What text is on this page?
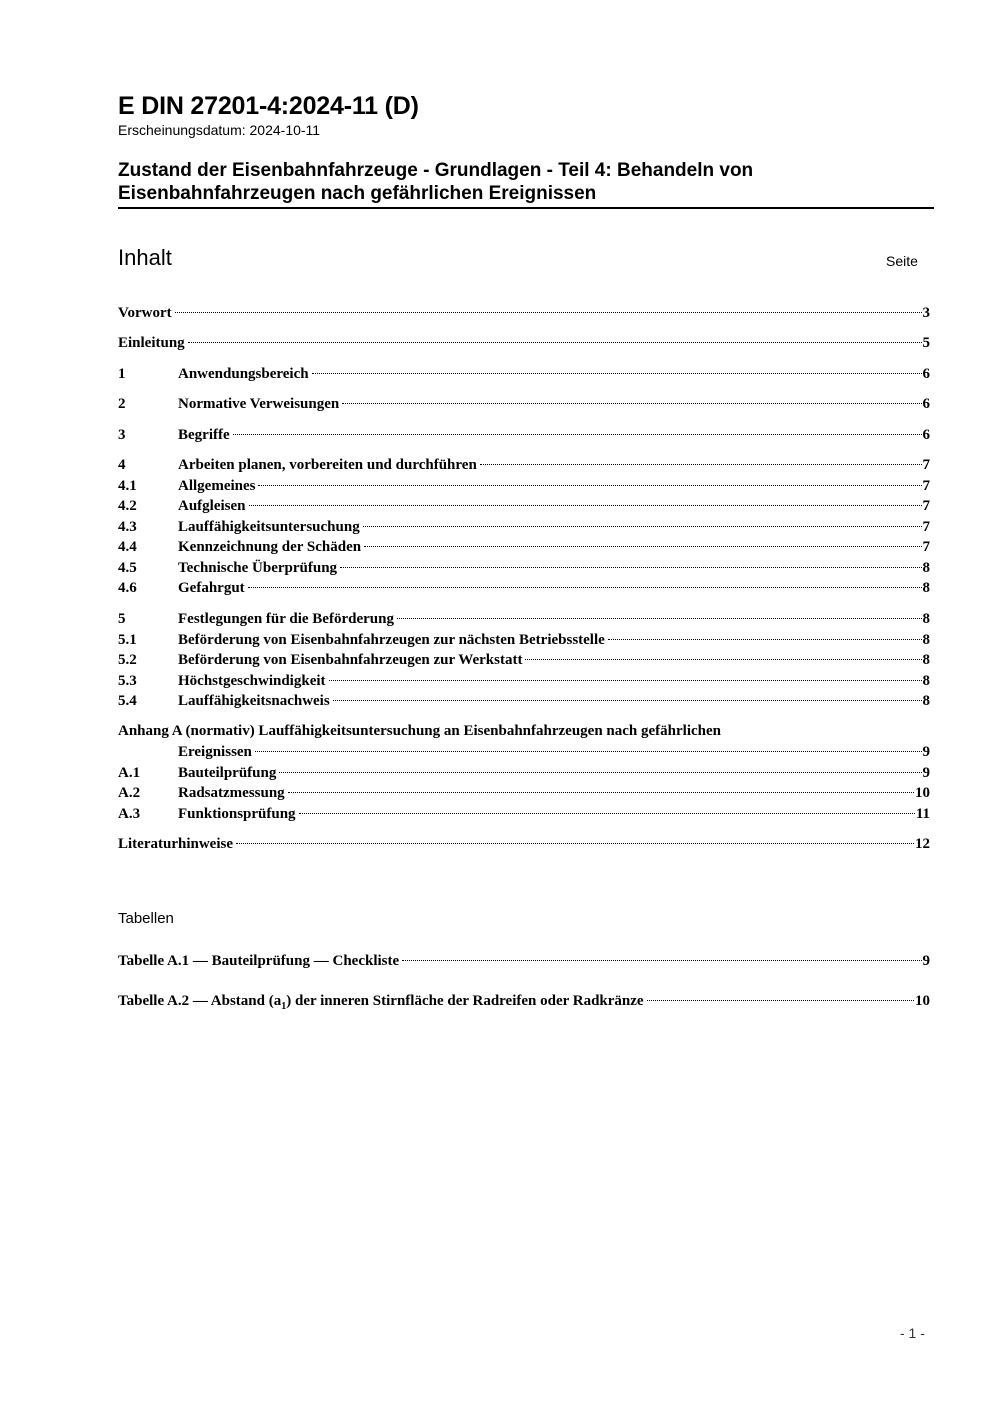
E DIN 27201-4:2024-11 (D)
Erscheinungsdatum: 2024-10-11
Zustand der Eisenbahnfahrzeuge - Grundlagen - Teil 4: Behandeln von
Eisenbahnfahrzeugen nach gefährlichen Ereignissen
Inhalt	Seite
Vorwort	3
Einleitung	5
1	Anwendungsbereich	6
2	Normative Verweisungen	6
3	Begriffe	6
4	Arbeiten planen, vorbereiten und durchführen	7
4.1	Allgemeines	7
4.2	Aufgleisen	7
4.3	Lauffähigkeitsuntersuchung	7
4.4	Kennzeichnung der Schäden	7
4.5	Technische Überprüfung	8
4.6	Gefahrgut	8
5	Festlegungen für die Beförderung	8
5.1	Beförderung von Eisenbahnfahrzeugen zur nächsten Betriebsstelle	8
5.2	Beförderung von Eisenbahnfahrzeugen zur Werkstatt	8
5.3	Höchstgeschwindigkeit	8
5.4	Lauffähigkeitsnachweis	8
Anhang A (normativ) Lauffähigkeitsuntersuchung an Eisenbahnfahrzeugen nach gefährlichen
Ereignissen	9
A.1	Bauteilprüfung	9
A.2	Radsatzmessung	10
A.3	Funktionsprüfung	11
Literaturhinweise	12
Tabellen
Tabelle A.1 — Bauteilprüfung — Checkliste	9
Tabelle A.2 — Abstand $(a_1)$ der inneren Stirnfläche der Radreifen oder Radkränze	10
- 1 -
